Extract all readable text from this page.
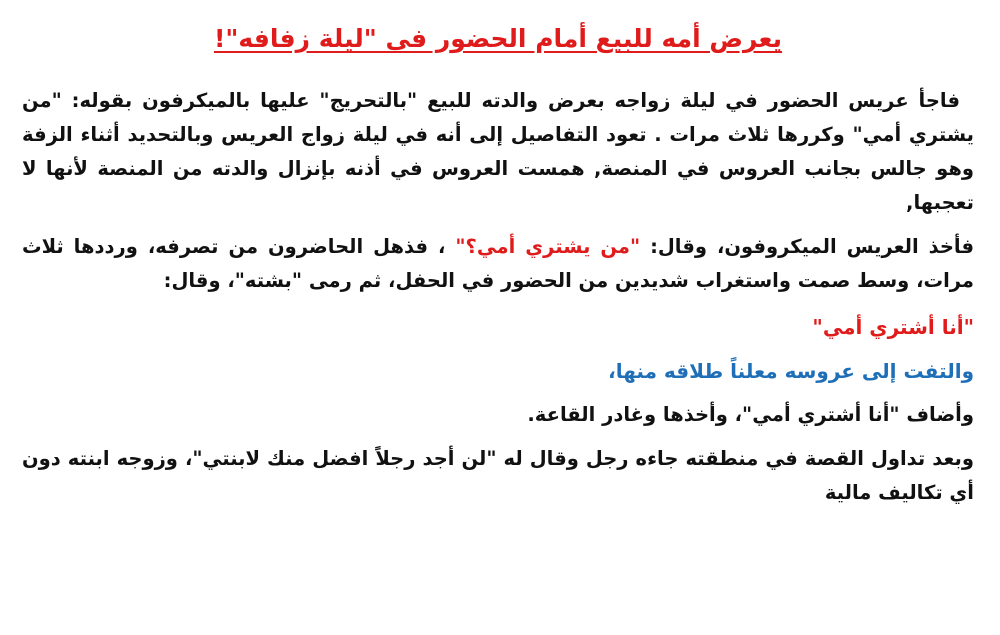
يعرض أمه للبيع أمام الحضور فى "ليلة زفافه"!

فاجأ عريس الحضور في ليلة زواجه بعرض والدته للبيع "بالتحريج" عليها بالميكرفون بقوله: "من يشتري أمي" وكررها ثلاث مرات . تعود التفاصيل إلى أنه في ليلة زواج العريس وبالتحديد أثناء الزفة وهو جالس بجانب العروس في المنصة, همست العروس في أذنه بإنزال والدته من المنصة لأنها لا تعجبها,

فأخذ العريس الميكروفون، وقال: "من يشتري أمي؟" ، فذهل الحاضرون من تصرفه، ورددها ثلاث مرات، وسط صمت واستغراب شديدين من الحضور في الحفل، ثم رمى "بشته"، وقال:

"أنا أشتري أمي"

والتفت إلى عروسه معلناً طلاقه منها،

وأضاف "أنا أشتري أمي"، وأخذها وغادر القاعة.

وبعد تداول القصة في منطقته جاءه رجل وقال له "لن أجد رجلاً افضل منك لابنتي"، وزوجه ابنته دون أي تكاليف مالية
